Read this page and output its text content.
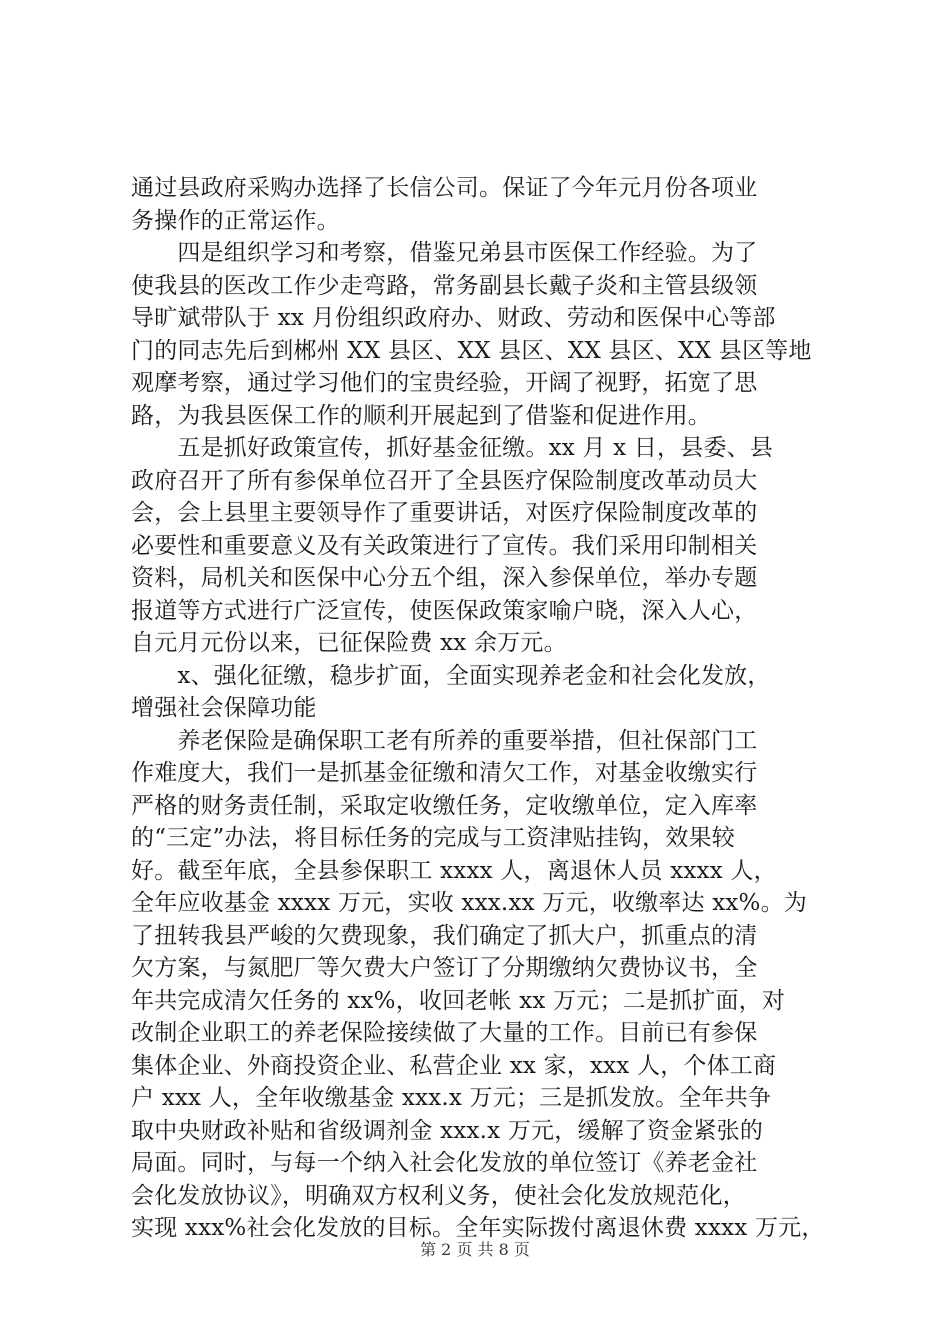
通过县政府采购办选择了长信公司。保证了今年元月份各项业
务操作的正常运作。
　　四是组织学习和考察，借鉴兄弟县市医保工作经验。为了
使我县的医改工作少走弯路，常务副县长戴子炎和主管县级领
导旷斌带队于 xx 月份组织政府办、财政、劳动和医保中心等部
门的同志先后到郴州 XX 县区、XX 县区、XX 县区、XX 县区等地
观摩考察，通过学习他们的宝贵经验，开阔了视野，拓宽了思
路，为我县医保工作的顺利开展起到了借鉴和促进作用。
　　五是抓好政策宣传，抓好基金征缴。xx 月 x 日，县委、县
政府召开了所有参保单位召开了全县医疗保险制度改革动员大
会，会上县里主要领导作了重要讲话，对医疗保险制度改革的
必要性和重要意义及有关政策进行了宣传。我们采用印制相关
资料，局机关和医保中心分五个组，深入参保单位，举办专题
报道等方式进行广泛宣传，使医保政策家喻户晓，深入人心，
自元月元份以来，已征保险费 xx 余万元。
　　x、强化征缴，稳步扩面，全面实现养老金和社会化发放，
增强社会保障功能
　　养老保险是确保职工老有所养的重要举措，但社保部门工
作难度大，我们一是抓基金征缴和清欠工作，对基金收缴实行
严格的财务责任制，采取定收缴任务，定收缴单位，定入库率
的“三定”办法，将目标任务的完成与工资津贴挂钩，效果较
好。截至年底，全县参保职工 xxxx 人，离退休人员 xxxx 人，
全年应收基金 xxxx 万元，实收 xxx.xx 万元，收缴率达 xx%。为
了扭转我县严峻的欠费现象，我们确定了抓大户，抓重点的清
欠方案，与氮肥厂等欠费大户签订了分期缴纳欠费协议书，全
年共完成清欠任务的 xx%，收回老帐 xx 万元；二是抓扩面，对
改制企业职工的养老保险接续做了大量的工作。目前已有参保
集体企业、外商投资企业、私营企业 xx 家，xxx 人，个体工商
户 xxx 人，全年收缴基金 xxx.x 万元；三是抓发放。全年共争
取中央财政补贴和省级调剂金 xxx.x 万元，缓解了资金紧张的
局面。同时，与每一个纳入社会化发放的单位签订《养老金社
会化发放协议》，明确双方权利义务，使社会化发放规范化，
实现 xxx%社会化发放的目标。全年实际拨付离退休费 xxxx 万元，
第 2 页 共 8 页
